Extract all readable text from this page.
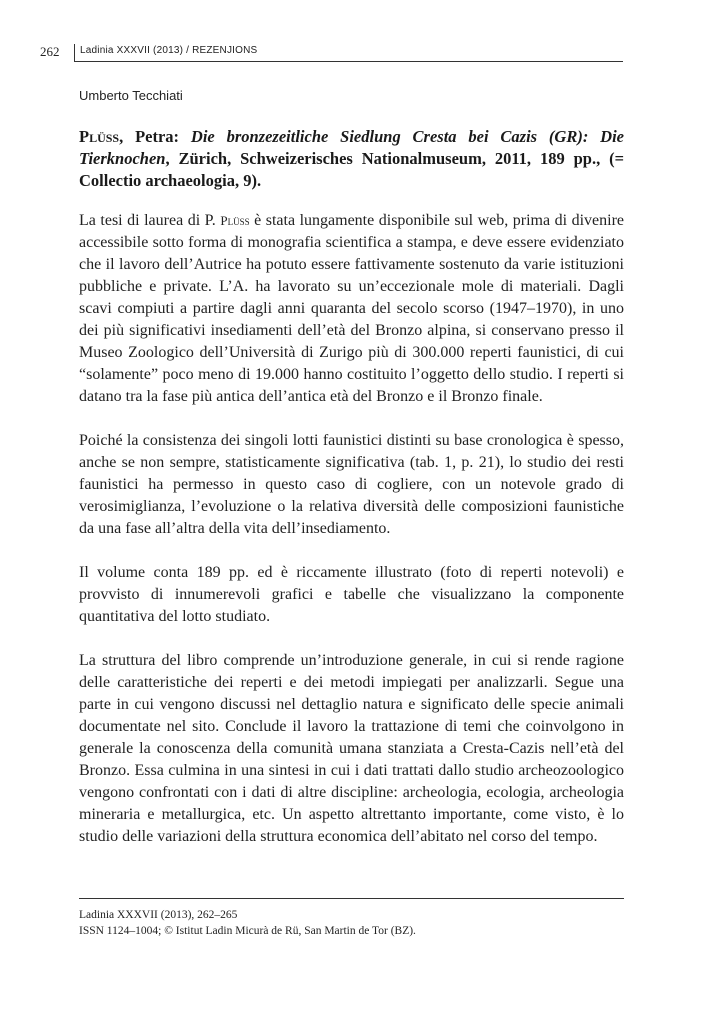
262 Ladinia XXXVII (2013) / REZENJIONS
Umberto Tecchiati
Plüss, Petra: Die bronzezeitliche Siedlung Cresta bei Cazis (GR): Die Tierknochen, Zürich, Schweizerisches Nationalmuseum, 2011, 189 pp., (= Collectio archaeologia, 9).

La tesi di laurea di P. Plüss è stata lungamente disponibile sul web, prima di divenire accessibile sotto forma di monografia scientifica a stampa, e deve essere evidenziato che il lavoro dell’Autrice ha potuto essere fattivamente sostenuto da varie istituzioni pubbliche e private. L’A. ha lavorato su un’eccezionale mole di materiali. Dagli scavi compiuti a partire dagli anni quaranta del secolo scorso (1947–1970), in uno dei più significativi insediamenti dell’età del Bronzo alpina, si conservano presso il Museo Zoologico dell’Università di Zurigo più di 300.000 reperti faunistici, di cui “solamente” poco meno di 19.000 hanno costituito l’oggetto dello studio. I reperti si datano tra la fase più antica dell’antica età del Bronzo e il Bronzo finale.

Poiché la consistenza dei singoli lotti faunistici distinti su base cronologica è spesso, anche se non sempre, statisticamente significativa (tab. 1, p. 21), lo studio dei resti faunistici ha permesso in questo caso di cogliere, con un notevole grado di verosimiglianza, l’evoluzione o la relativa diversità delle composizioni faunistiche da una fase all’altra della vita dell’insediamento.

Il volume conta 189 pp. ed è riccamente illustrato (foto di reperti notevoli) e provvisto di innumerevoli grafici e tabelle che visualizzano la componente quantitativa del lotto studiato.

La struttura del libro comprende un’introduzione generale, in cui si rende ragione delle caratteristiche dei reperti e dei metodi impiegati per analizzarli. Segue una parte in cui vengono discussi nel dettaglio natura e significato delle specie animali documentate nel sito. Conclude il lavoro la trattazione di temi che coinvolgono in generale la conoscenza della comunità umana stanziata a Cresta-Cazis nell’età del Bronzo. Essa culmina in una sintesi in cui i dati trattati dallo studio archeozoologico vengono confrontati con i dati di altre discipline: archeologia, ecologia, archeologia mineraria e metallurgica, etc. Un aspetto altrettanto importante, come visto, è lo studio delle variazioni della struttura economica dell’abitato nel corso del tempo.

Ladinia XXXVII (2013), 262–265
ISSN 1124–1004; © Istitut Ladin Micurà de Rü, San Martin de Tor (BZ).
